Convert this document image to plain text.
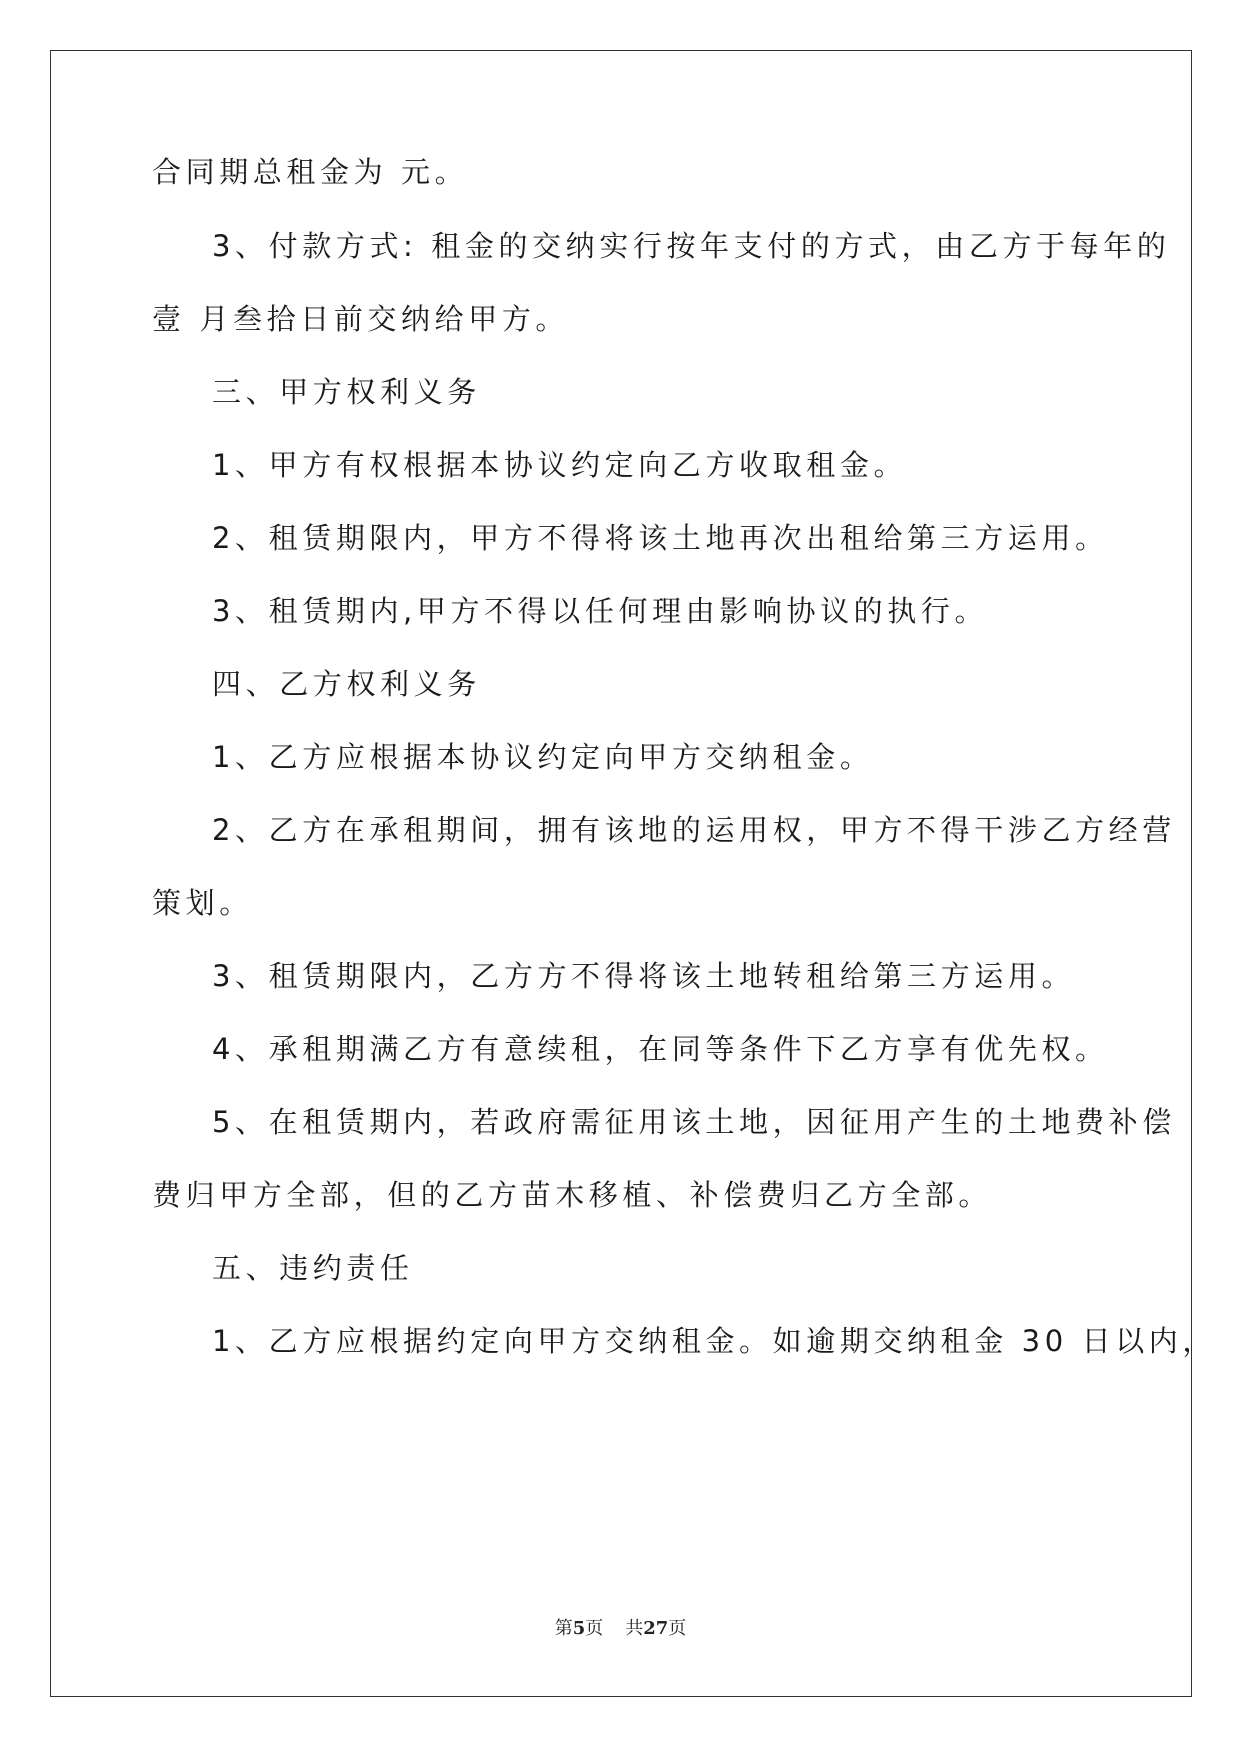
合同期总租金为 元。
3、付款方式: 租金的交纳实行按年支付的方式，由乙方于每年的
壹 月叁拾日前交纳给甲方。
三、甲方权利义务
1、甲方有权根据本协议约定向乙方收取租金。
2、租赁期限内，甲方不得将该土地再次出租给第三方运用。
3、租赁期内,甲方不得以任何理由影响协议的执行。
四、乙方权利义务
1、乙方应根据本协议约定向甲方交纳租金。
2、乙方在承租期间，拥有该地的运用权，甲方不得干涉乙方经营
策划。
3、租赁期限内，乙方方不得将该土地转租给第三方运用。
4、承租期满乙方有意续租，在同等条件下乙方享有优先权。
5、在租赁期内，若政府需征用该土地，因征用产生的土地费补偿
费归甲方全部，但的乙方苗木移植、补偿费归乙方全部。
五、违约责任
1、乙方应根据约定向甲方交纳租金。如逾期交纳租金 30 日以内，
第5页 共27页
